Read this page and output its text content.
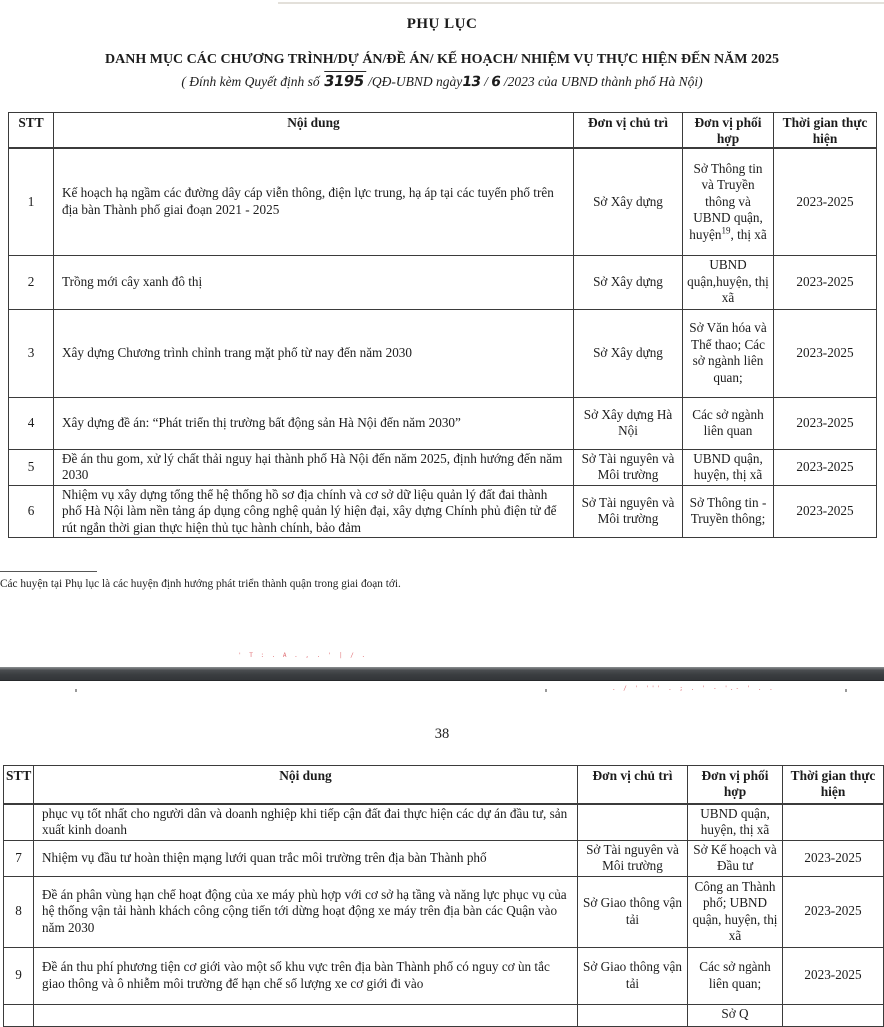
PHỤ LỤC
DANH MỤC CÁC CHƯƠNG TRÌNH/DỰ ÁN/ĐỀ ÁN/ KẾ HOẠCH/ NHIỆM VỤ THỰC HIỆN ĐẾN NĂM 2025
( Đính kèm Quyết định số 3195 /QĐ-UBND ngày13 / 6 /2023 của UBND thành phố Hà Nội)
STT	Nội dung	Đơn vị chủ trì	Đơn vị phối hợp	Thời gian thực hiện
1	Kế hoạch hạ ngầm các đường dây cáp viễn thông, điện lực trung, hạ áp tại các tuyến phố trên địa bàn Thành phố giai đoạn 2021 - 2025	Sở Xây dựng	Sở Thông tin và Truyền thông và UBND quận, huyện$^{19}$, thị xã	2023-2025
2	Trồng mới cây xanh đô thị	Sở Xây dựng	UBND quận,huyện, thị xã	2023-2025
3	Xây dựng Chương trình chỉnh trang mặt phố từ nay đến năm 2030	Sở Xây dựng	Sở Văn hóa và Thể thao; Các sở ngành liên quan;	2023-2025
4	Xây dựng đề án: “Phát triển thị trường bất động sản Hà Nội đến năm 2030”	Sở Xây dựng Hà Nội	Các sở ngành liên quan	2023-2025
5	Đề án thu gom, xử lý chất thải nguy hại thành phố Hà Nội đến năm 2025, định hướng đến năm 2030	Sở Tài nguyên và Môi trường	UBND quận, huyện, thị xã	2023-2025
6	Nhiệm vụ xây dựng tổng thể hệ thống hồ sơ địa chính và cơ sở dữ liệu quản lý đất đai thành phố Hà Nội làm nền tảng áp dụng công nghệ quản lý hiện đại, xây dựng Chính phủ điện tử để rút ngắn thời gian thực hiện thủ tục hành chính, bảo đảm	Sở Tài nguyên và Môi trường	Sở Thông tin - Truyền thông;	2023-2025
Các huyện tại Phụ lục là các huyện định hướng phát triển thành quận trong giai đoạn tới.
' T : . A . , . ' | / .
. / ' ''' . ; . ' - '.- ' . .
38
STT	Nội dung	Đơn vị chủ trì	Đơn vị phối hợp	Thời gian thực hiện
	phục vụ tốt nhất cho người dân và doanh nghiệp khi tiếp cận đất đai thực hiện các dự án đầu tư, sản xuất kinh doanh		UBND quận, huyện, thị xã	
7	Nhiệm vụ đầu tư hoàn thiện mạng lưới quan trắc môi trường trên địa bàn Thành phố	Sở Tài nguyên và Môi trường	Sở Kế hoạch và Đầu tư	2023-2025
8	Đề án phân vùng hạn chế hoạt động của xe máy phù hợp với cơ sở hạ tầng và năng lực phục vụ của hệ thống vận tải hành khách công cộng tiến tới dừng hoạt động xe máy trên địa bàn các Quận vào năm 2030	Sở Giao thông vận tải	Công an Thành phố; UBND quận, huyện, thị xã	2023-2025
9	Đề án thu phí phương tiện cơ giới vào một số khu vực trên địa bàn Thành phố có nguy cơ ùn tắc giao thông và ô nhiễm môi trường để hạn chế số lượng xe cơ giới đi vào	Sở Giao thông vận tải	Các sở ngành liên quan;	2023-2025
			Sở Q	
